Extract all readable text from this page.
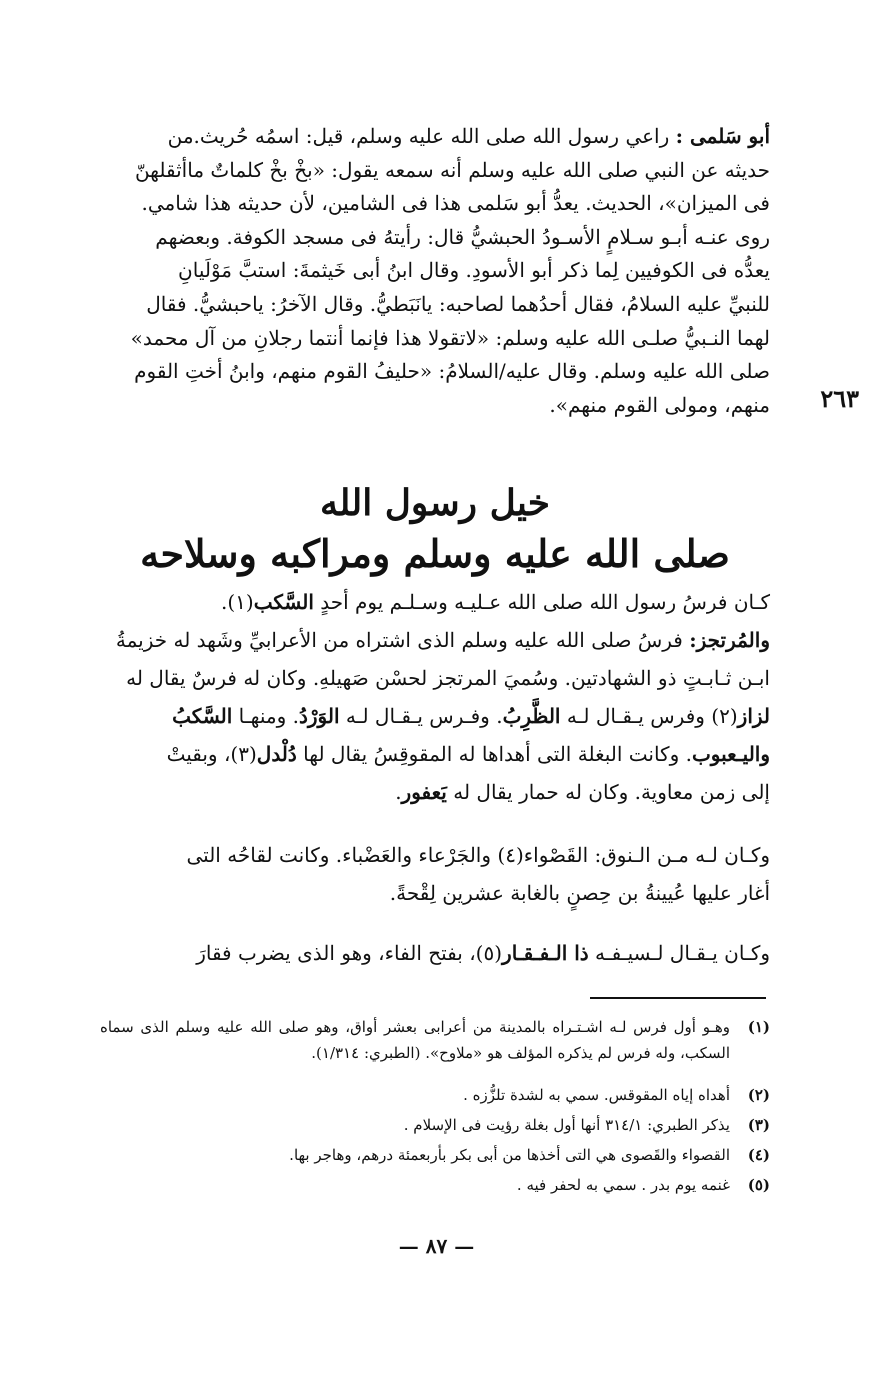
٢٦٣

أبو سَلمى : راعي رسول الله صلى الله عليه وسلم، قيل: اسمُه حُريث.من

حديثه عن النبي صلى الله عليه وسلم أنه سمعه يقول: «بخْ بخْ كلماتٌ ماأثقلهنّ

فى الميزان»، الحديث. يعدُّ أبو سَلمى هذا فى الشامين، لأن حديثه هذا شامي.

روى عنـه أبـو سـلامٍ الأسـودُ الحبشيُّ قال: رأيتهُ فى مسجد الكوفة. وبعضهم

يعدُّه فى الكوفيين لِما ذكر أبو الأسودِ. وقال ابنُ أبى خَيثمةَ: استبَّ مَوْلَيانِ

للنبيِّ عليه السلامُ، فقال أحدُهما لصاحبه: يانَبَطيُّ. وقال الآخرُ: ياحبشيُّ. فقال

لهما النـبيُّ صلـى الله عليه وسلم: «لاتقولا هذا فإنما أنتما رجلانِ من آل محمد»

صلى الله عليه وسلم. وقال عليه/السلامُ: «حليفُ القوم منهم، وابنُ أختِ القوم

منهم، ومولى القوم منهم».

خيل رسول الله
صلى الله عليه وسلم ومراكبه وسلاحه

كـان فرسُ رسول الله صلى الله عـليـه وسـلـم يوم أحدٍ السَّكب(١).

والمُرتجز: فرسُ صلى الله عليه وسلم الذى اشتراه من الأعرابيِّ وشَهد له خزيمةُ

ابـن ثـابـتٍ ذو الشهادتين. وسُميَ المرتجز لحسْن صَهيلهِ. وكان له فرسٌ يقال له

لزاز(٢) وفرس يـقـال لـه الظَّرِبُ. وفـرس يـقـال لـه الوَرْدُ. ومنهـا السَّكبُ

واليـعبوب. وكانت البغلة التى أهداها له المقوقِسُ يقال لها دُلْدل(٣)، وبقيتْ

إلى زمن معاوية. وكان له حمار يقال له يَعفور.

وكـان لـه مـن الـنوق: القَصْواء(٤) والجَرْعاء والعَضْباء. وكانت لقاحُه التى

أغار عليها عُيينةُ بن حِصنٍ بالغابة عشرين لِقْحةً.

وكـان يـقـال لـسيـفـه ذا الـفـقـار(٥)، بفتح الفاء، وهو الذى يضرب فقارَ

(١)
وهـو أول فرس لـه اشـتـراه بالمدينة من أعرابى بعشر أواق، وهو صلى الله عليه وسلم الذى سماه السكب، وله فرس لم يذكره المؤلف هو «ملاوح». (الطبري: ١/٣١٤).
(٢)
أهداه إياه المقوقس. سمي به لشدة تلزُّزه .
(٣)
يذكر الطبري: ٣١٤/١ أنها أول بغلة رؤيت فى الإسلام .
(٤)
القصواء والقَصوى هي التى أخذها من أبى بكر بأربعمئة درهم، وهاجر بها.
(٥)
غنمه يوم بدر . سمي به لحفر فيه .
— ٨٧ —
